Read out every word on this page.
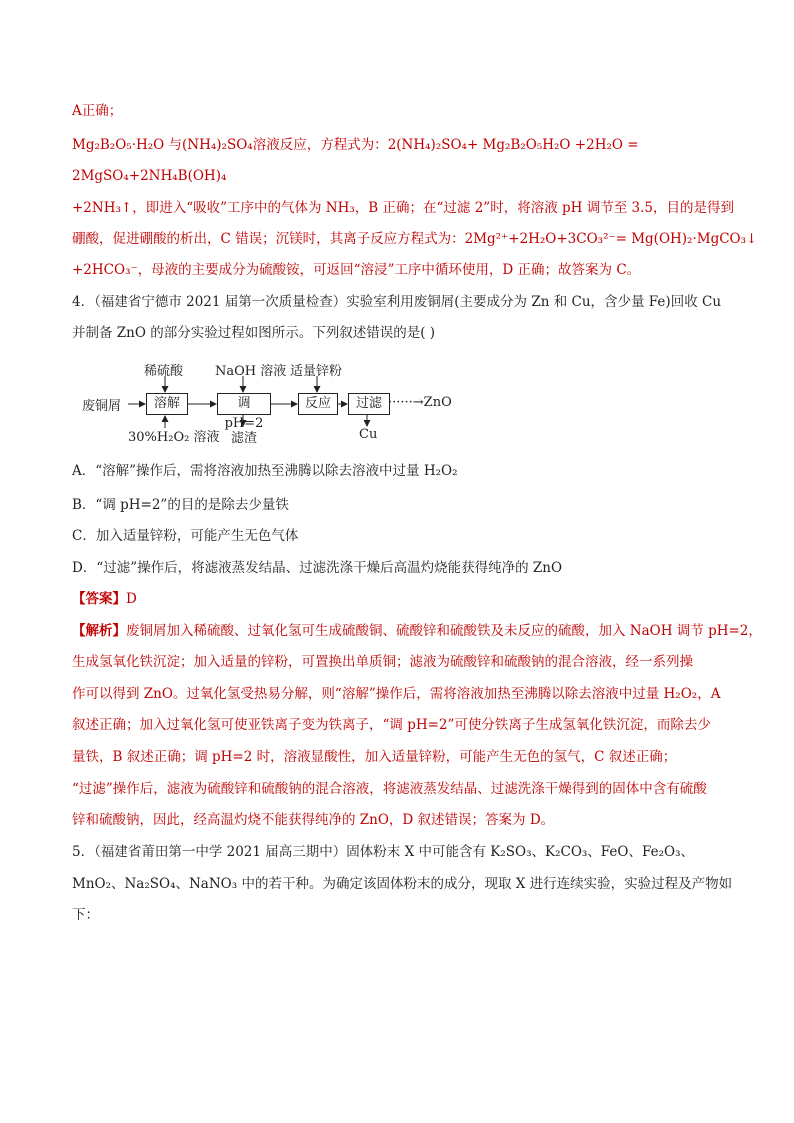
A正确；
Mg₂B₂O₅·H₂O 与(NH₄)₂SO₄溶液反应，方程式为：2(NH₄)₂SO₄+ Mg₂B₂O₅H₂O +2H₂O =
2MgSO₄+2NH₄B(OH)₄
+2NH₃↑，即进入“吸收”工序中的气体为 NH₃，B 正确；在“过滤 2”时，将溶液 pH 调节至 3.5，目的是得到
硼酸，促进硼酸的析出，C 错误；沉镁时，其离子反应方程式为：2Mg²⁺+2H₂O+3CO₃²⁻= Mg(OH)₂·MgCO₃↓
+2HCO₃⁻，母液的主要成分为硫酸铵，可返回“溶浸”工序中循环使用，D 正确；故答案为 C。
4．（福建省宁德市 2021 届第一次质量检查）实验室利用废铜屑(主要成分为 Zn 和 Cu，含少量 Fe)回收 Cu
并制备 ZnO 的部分实验过程如图所示。下列叙述错误的是( )
废铜屑	溶解	调 pH=2
反应	过滤 ······→ZnO
稀硫酸 NaOH 溶液 适量锌粉
30%H₂O₂ 溶液 滤渣	Cu
A．“溶解”操作后，需将溶液加热至沸腾以除去溶液中过量 H₂O₂
B．“调 pH=2”的目的是除去少量铁
C．加入适量锌粉，可能产生无色气体
D．“过滤”操作后，将滤液蒸发结晶、过滤洗涤干燥后高温灼烧能获得纯净的 ZnO
【答案】D
【解析】废铜屑加入稀硫酸、过氧化氢可生成硫酸铜、硫酸锌和硫酸铁及未反应的硫酸，加入 NaOH 调节 pH=2，
生成氢氧化铁沉淀；加入适量的锌粉，可置换出单质铜；滤液为硫酸锌和硫酸钠的混合溶液，经一系列操
作可以得到 ZnO。过氧化氢受热易分解，则“溶解”操作后，需将溶液加热至沸腾以除去溶液中过量 H₂O₂，A
叙述正确；加入过氧化氢可使亚铁离子变为铁离子，“调 pH=2”可使分铁离子生成氢氧化铁沉淀，而除去少
量铁，B 叙述正确；调 pH=2 时，溶液显酸性，加入适量锌粉，可能产生无色的氢气，C 叙述正确；
“过滤”操作后，滤液为硫酸锌和硫酸钠的混合溶液，将滤液蒸发结晶、过滤洗涤干燥得到的固体中含有硫酸
锌和硫酸钠，因此，经高温灼烧不能获得纯净的 ZnO，D 叙述错误；答案为 D。
5．（福建省莆田第一中学 2021 届高三期中）固体粉末 X 中可能含有 K₂SO₃、K₂CO₃、FeO、Fe₂O₃、
MnO₂、Na₂SO₄、NaNO₃ 中的若干种。为确定该固体粉末的成分，现取 X 进行连续实验，实验过程及产物如
下：
